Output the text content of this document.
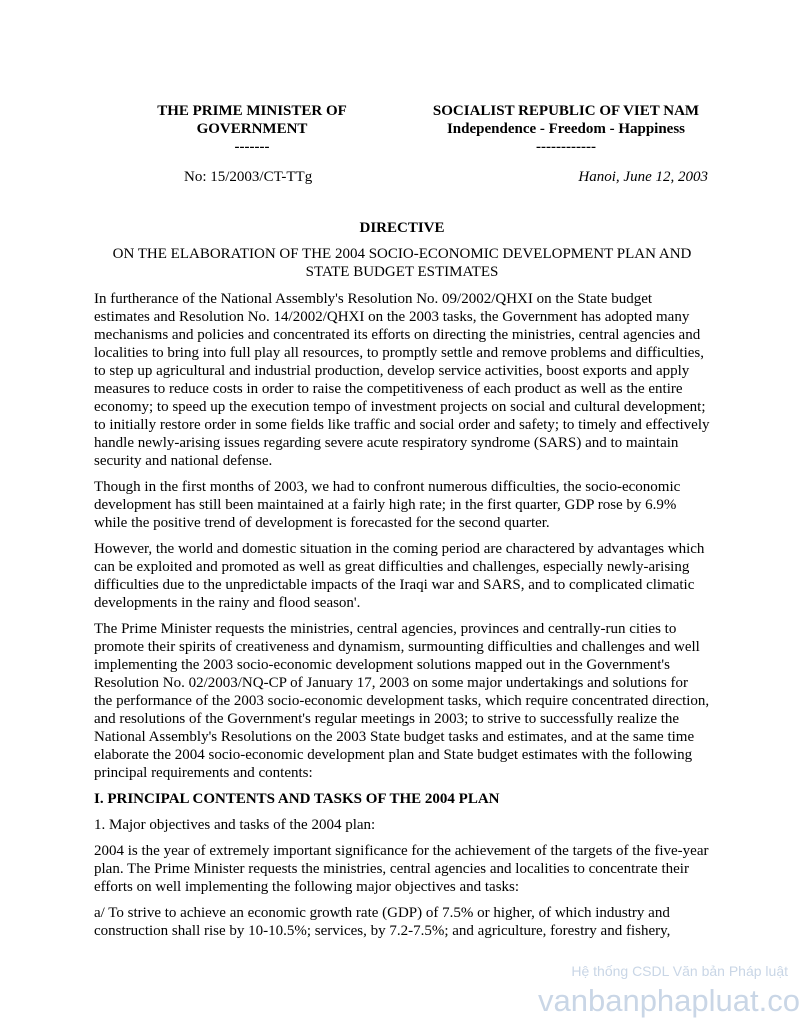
THE PRIME MINISTER OF
GOVERNMENT
-------
SOCIALIST REPUBLIC OF VIET NAM
Independence - Freedom - Happiness
------------
No: 15/2003/CT-TTg	Hanoi, June 12, 2003
DIRECTIVE
ON THE ELABORATION OF THE 2004 SOCIO-ECONOMIC DEVELOPMENT PLAN AND
STATE BUDGET ESTIMATES

In furtherance of the National Assembly's Resolution No. 09/2002/QHXI on the State budget estimates and Resolution No. 14/2002/QHXI on the 2003 tasks, the Government has adopted many mechanisms and policies and concentrated its efforts on directing the ministries, central agencies and localities to bring into full play all resources, to promptly settle and remove problems and difficulties, to step up agricultural and industrial production, develop service activities, boost exports and apply measures to reduce costs in order to raise the competitiveness of each product as well as the entire economy; to speed up the execution tempo of investment projects on social and cultural development; to initially restore order in some fields like traffic and social order and safety; to timely and effectively handle newly-arising issues regarding severe acute respiratory syndrome (SARS) and to maintain security and national defense.

Though in the first months of 2003, we had to confront numerous difficulties, the socio-economic development has still been maintained at a fairly high rate; in the first quarter, GDP rose by 6.9% while the positive trend of development is forecasted for the second quarter.

However, the world and domestic situation in the coming period are charactered by advantages which can be exploited and promoted as well as great difficulties and challenges, especially newly-arising difficulties due to the unpredictable impacts of the Iraqi war and SARS, and to complicated climatic developments in the rainy and flood season'.

The Prime Minister requests the ministries, central agencies, provinces and centrally-run cities to promote their spirits of creativeness and dynamism, surmounting difficulties and challenges and well implementing the 2003 socio-economic development solutions mapped out in the Government's Resolution No. 02/2003/NQ-CP of January 17, 2003 on some major undertakings and solutions for the performance of the 2003 socio-economic development tasks, which require concentrated direction, and resolutions of the Government's regular meetings in 2003; to strive to successfully realize the National Assembly's Resolutions on the 2003 State budget tasks and estimates, and at the same time elaborate the 2004 socio-economic development plan and State budget estimates with the following principal requirements and contents:

I. PRINCIPAL CONTENTS AND TASKS OF THE 2004 PLAN

1. Major objectives and tasks of the 2004 plan:

2004 is the year of extremely important significance for the achievement of the targets of the five-year plan. The Prime Minister requests the ministries, central agencies and localities to concentrate their efforts on well implementing the following major objectives and tasks:

a/ To strive to achieve an economic growth rate (GDP) of 7.5% or higher, of which industry and construction shall rise by 10-10.5%; services, by 7.2-7.5%; and agriculture, forestry and fishery,

Hệ thống CSDL Văn bản Pháp luật
vanbanphapluat.co
